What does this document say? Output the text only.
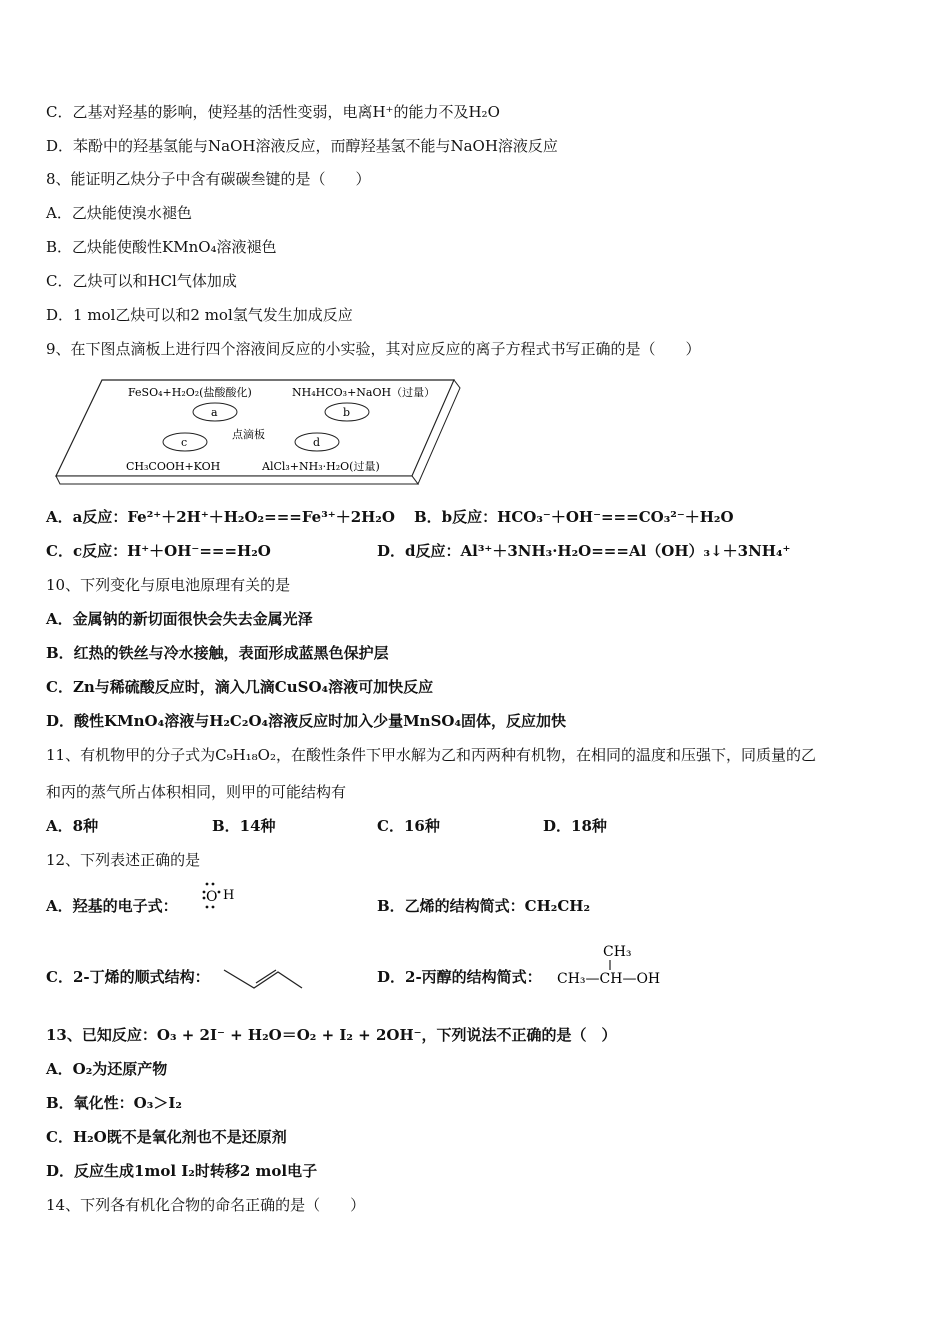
C．乙基对羟基的影响，使羟基的活性变弱，电离H⁺的能力不及H₂O
D．苯酚中的羟基氢能与NaOH溶液反应，而醇羟基氢不能与NaOH溶液反应
8、能证明乙炔分子中含有碳碳叁键的是（　　）
A．乙炔能使溴水褪色
B．乙炔能使酸性KMnO₄溶液褪色
C．乙炔可以和HCl气体加成
D．1 mol乙炔可以和2 mol氢气发生加成反应
9、在下图点滴板上进行四个溶液间反应的小实验，其对应反应的离子方程式书写正确的是（　　）
FeSO₄+H₂O₂(盐酸酸化)	NH₄HCO₃+NaOH（过量）
a	b
c	d
点滴板
CH₃COOH+KOH	AlCl₃+NH₃·H₂O(过量)
A．a反应：Fe²⁺＋2H⁺＋H₂O₂===Fe³⁺＋2H₂O B．b反应：HCO₃⁻＋OH⁻===CO₃²⁻＋H₂O
C．c反应：H⁺＋OH⁻===H₂O	D．d反应：Al³⁺＋3NH₃·H₂O===Al（OH）₃↓＋3NH₄⁺
10、下列变化与原电池原理有关的是
A．金属钠的新切面很快会失去金属光泽
B．红热的铁丝与冷水接触，表面形成蓝黑色保护层
C．Zn与稀硫酸反应时，滴入几滴CuSO₄溶液可加快反应
D．酸性KMnO₄溶液与H₂C₂O₄溶液反应时加入少量MnSO₄固体，反应加快
11、有机物甲的分子式为C₉H₁₈O₂，在酸性条件下甲水解为乙和丙两种有机物，在相同的温度和压强下，同质量的乙
和丙的蒸气所占体积相同，则甲的可能结构有
A．8种	B．14种	C．16种	D．18种
12、下列表述正确的是
A．羟基的电子式： O H
B．乙烯的结构简式：CH₂CH₂
C．2-丁烯的顺式结构：	D．2-丙醇的结构简式：
CH₃
CH₃—CH—OH
13、已知反应：O₃ + 2I⁻ + H₂O＝O₂ + I₂ + 2OH⁻，下列说法不正确的是（　）
A．O₂为还原产物
B．氧化性：O₃＞I₂
C．H₂O既不是氧化剂也不是还原剂
D．反应生成1mol I₂时转移2 mol电子
14、下列各有机化合物的命名正确的是（　　）
